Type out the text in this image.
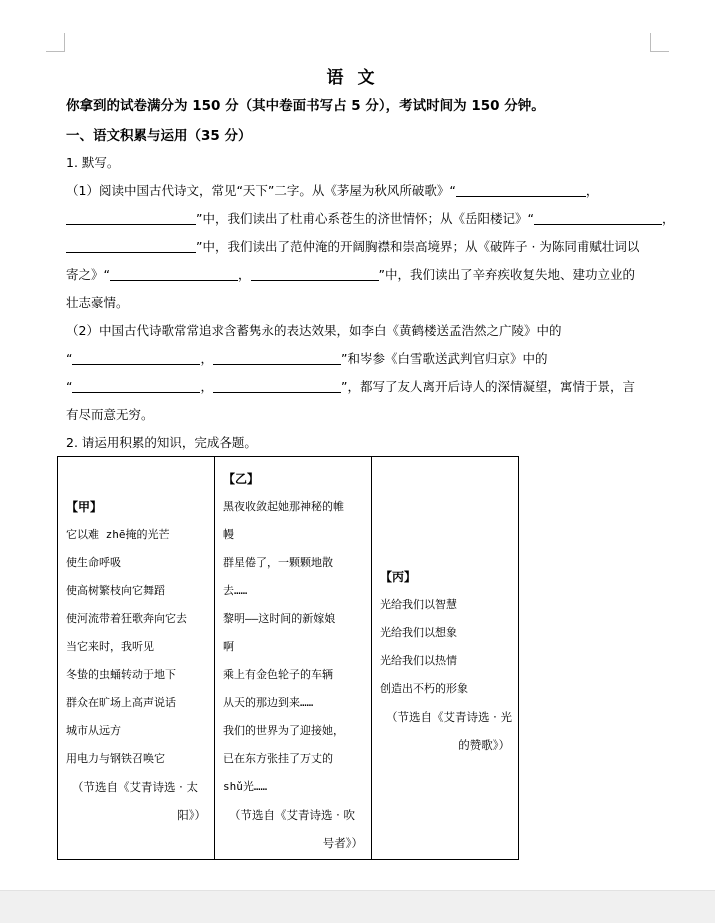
语文
你拿到的试卷满分为 150 分（其中卷面书写占 5 分），考试时间为 150 分钟。
一、语文积累与运用（35 分）
1. 默写。
（1）阅读中国古代诗文，常见“天下”二字。从《茅屋为秋风所破歌》“	，
”中，我们读出了杜甫心系苍生的济世情怀；从《岳阳楼记》“	，
”中，我们读出了范仲淹的开阔胸襟和崇高境界；从《破阵子 · 为陈同甫赋壮词以
寄之》“	，	”中，我们读出了辛弃疾收复失地、建功立业的
壮志豪情。
（2）中国古代诗歌常常追求含蓄隽永的表达效果，如李白《黄鹤楼送孟浩然之广陵》中的
“	，	”和岑参《白雪歌送武判官归京》中的
“	，	”，都写了友人离开后诗人的深情凝望，寓情于景，言
有尽而意无穷。
2. 请运用积累的知识，完成各题。
【甲】
它以难 zhē掩的光芒
使生命呼吸
使高树繁枝向它舞蹈
使河流带着狂歌奔向它去
当它来时，我听见
冬蛰的虫蛹转动于地下
群众在旷场上高声说话
城市从远方
用电力与钢铁召唤它
（节选自《艾青诗选 · 太
阳》）
【乙】
黑夜收敛起她那神秘的帷
幔
群星倦了，一颗颗地散
去……
黎明——这时间的新嫁娘
啊
乘上有金色轮子的车辆
从天的那边到来……
我们的世界为了迎接她，
已在东方张挂了万丈的
shǔ光……
（节选自《艾青诗选 · 吹
号者》）
【丙】
光给我们以智慧
光给我们以想象
光给我们以热情
创造出不朽的形象
（节选自《艾青诗选 · 光
的赞歌》）
